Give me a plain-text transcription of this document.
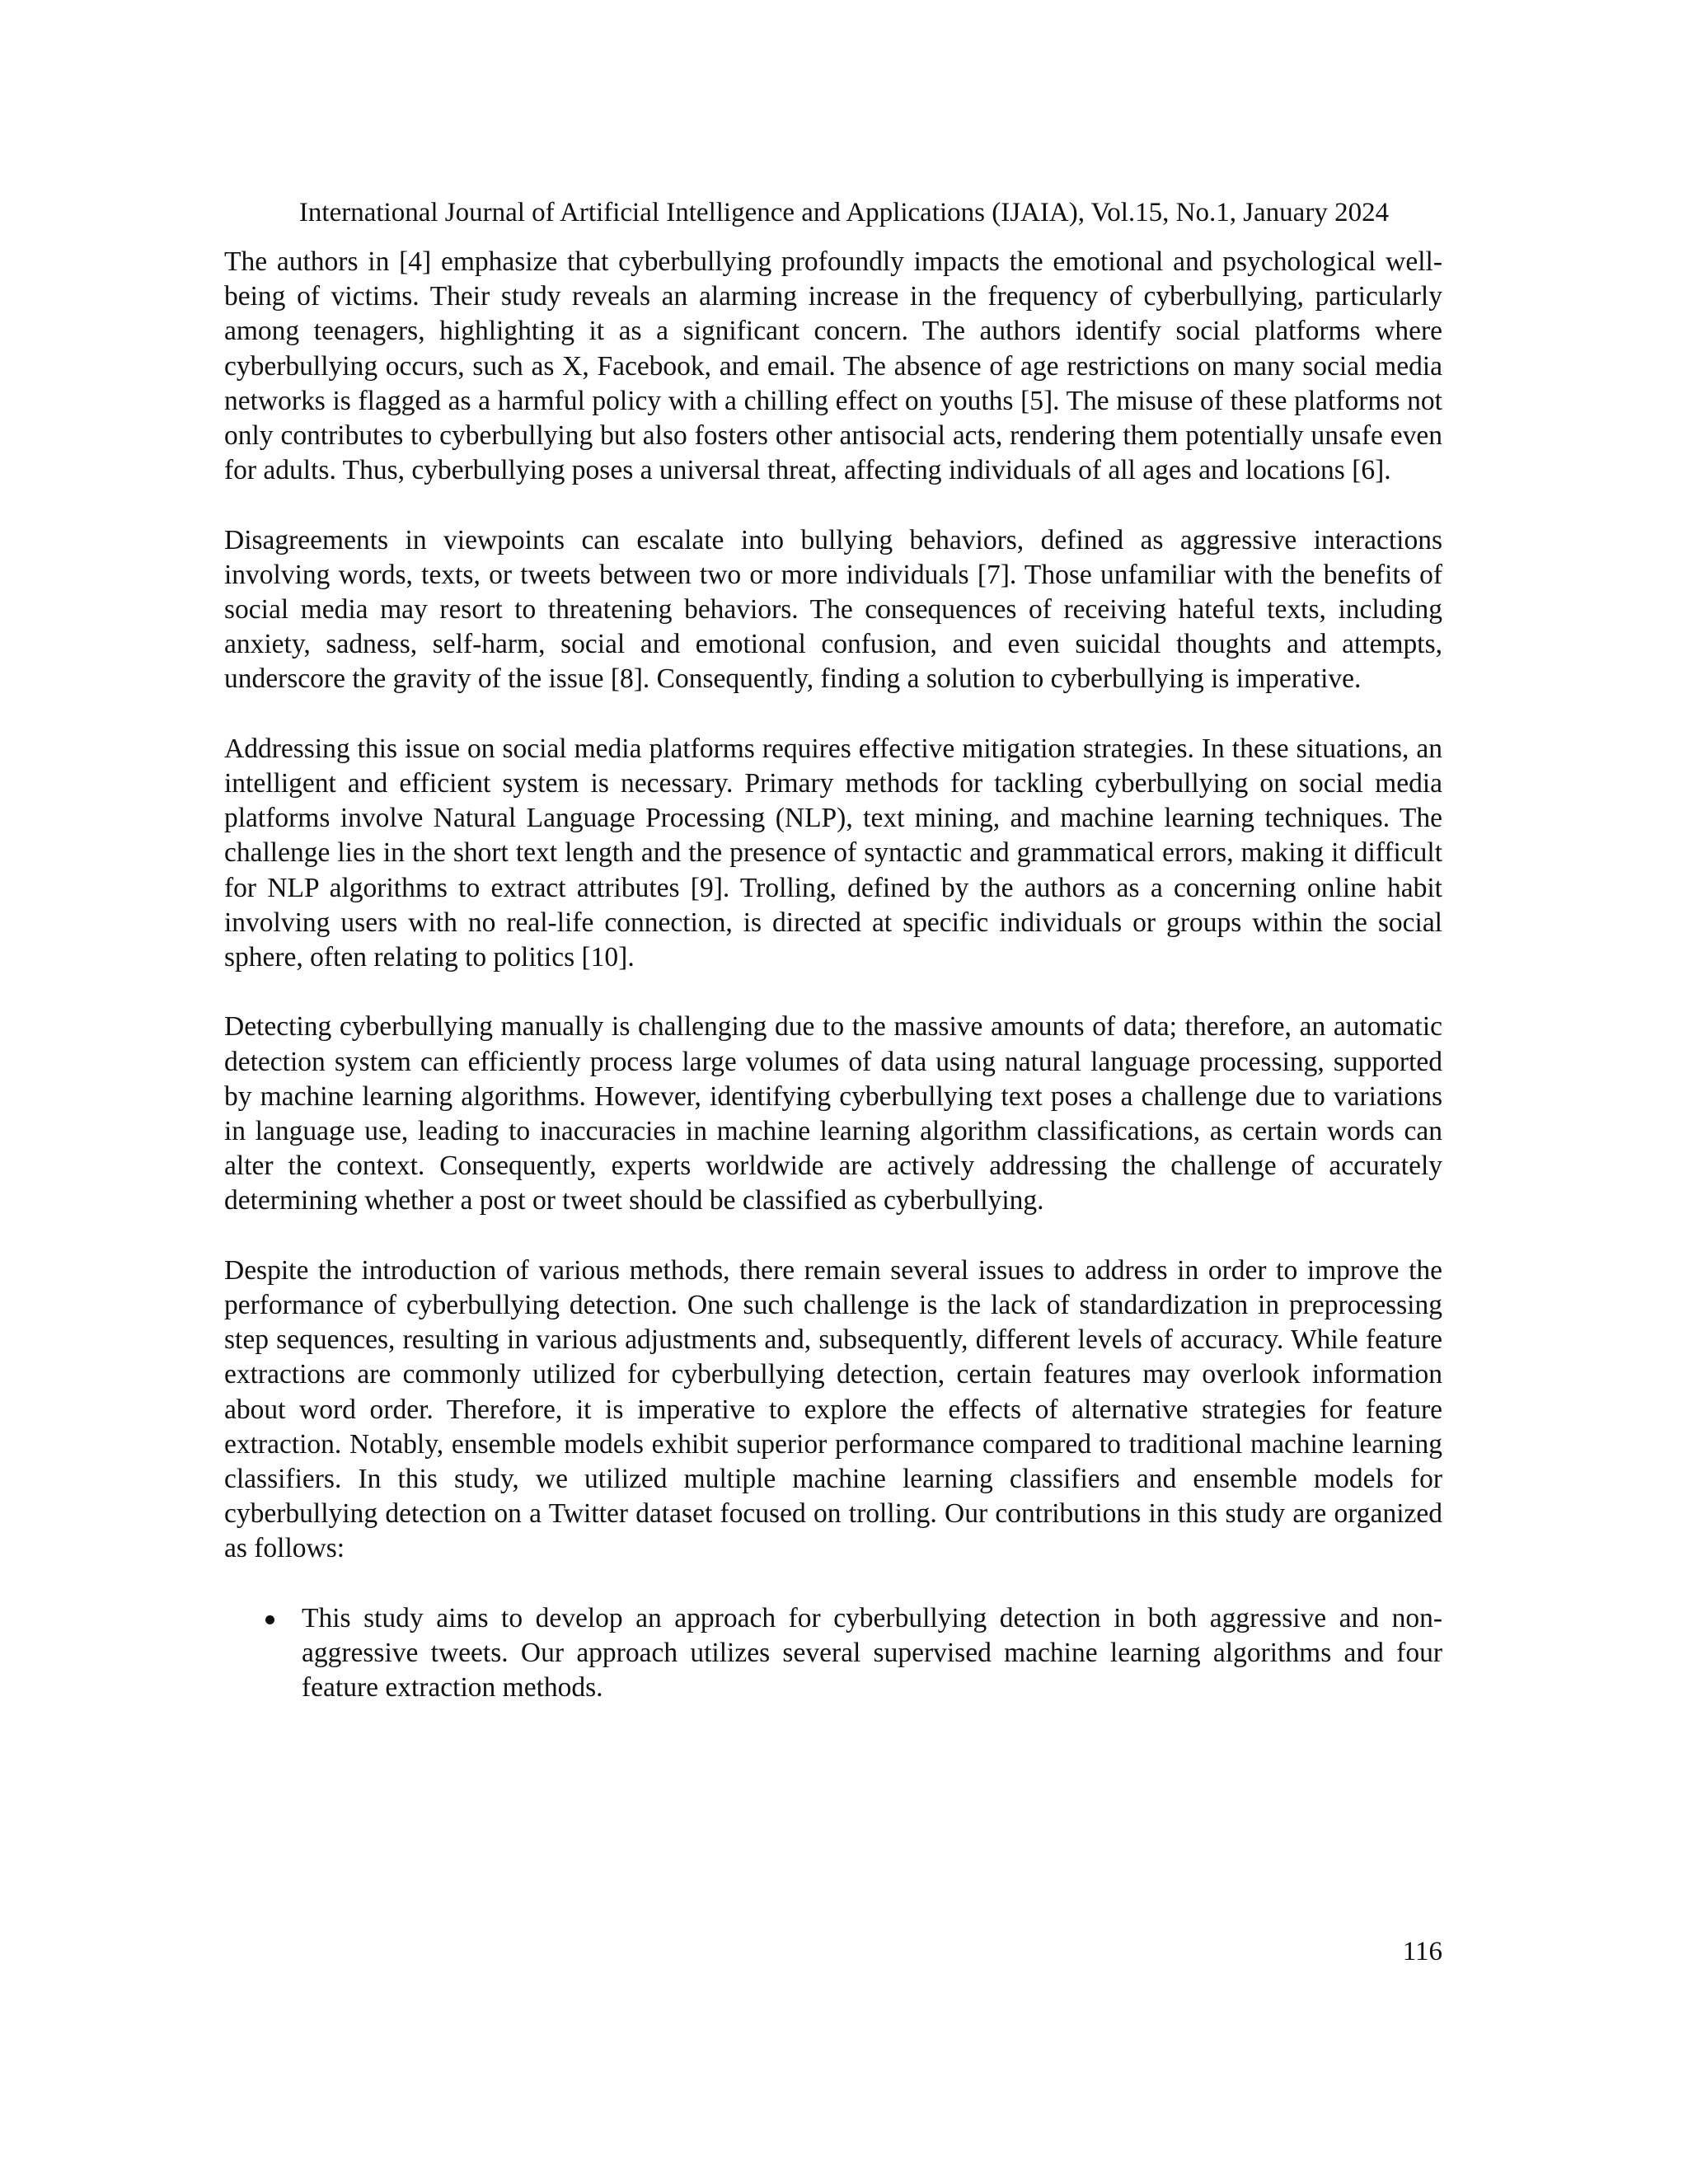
International Journal of Artificial Intelligence and Applications (IJAIA), Vol.15, No.1, January 2024

The authors in [4] emphasize that cyberbullying profoundly impacts the emotional and psychological well-being of victims. Their study reveals an alarming increase in the frequency of cyberbullying, particularly among teenagers, highlighting it as a significant concern. The authors identify social platforms where cyberbullying occurs, such as X, Facebook, and email. The absence of age restrictions on many social media networks is flagged as a harmful policy with a chilling effect on youths [5]. The misuse of these platforms not only contributes to cyberbullying but also fosters other antisocial acts, rendering them potentially unsafe even for adults. Thus, cyberbullying poses a universal threat, affecting individuals of all ages and locations [6].

Disagreements in viewpoints can escalate into bullying behaviors, defined as aggressive interactions involving words, texts, or tweets between two or more individuals [7]. Those unfamiliar with the benefits of social media may resort to threatening behaviors. The consequences of receiving hateful texts, including anxiety, sadness, self-harm, social and emotional confusion, and even suicidal thoughts and attempts, underscore the gravity of the issue [8]. Consequently, finding a solution to cyberbullying is imperative.

Addressing this issue on social media platforms requires effective mitigation strategies. In these situations, an intelligent and efficient system is necessary. Primary methods for tackling cyberbullying on social media platforms involve Natural Language Processing (NLP), text mining, and machine learning techniques. The challenge lies in the short text length and the presence of syntactic and grammatical errors, making it difficult for NLP algorithms to extract attributes [9]. Trolling, defined by the authors as a concerning online habit involving users with no real-life connection, is directed at specific individuals or groups within the social sphere, often relating to politics [10].

Detecting cyberbullying manually is challenging due to the massive amounts of data; therefore, an automatic detection system can efficiently process large volumes of data using natural language processing, supported by machine learning algorithms. However, identifying cyberbullying text poses a challenge due to variations in language use, leading to inaccuracies in machine learning algorithm classifications, as certain words can alter the context. Consequently, experts worldwide are actively addressing the challenge of accurately determining whether a post or tweet should be classified as cyberbullying.

Despite the introduction of various methods, there remain several issues to address in order to improve the performance of cyberbullying detection. One such challenge is the lack of standardization in preprocessing step sequences, resulting in various adjustments and, subsequently, different levels of accuracy. While feature extractions are commonly utilized for cyberbullying detection, certain features may overlook information about word order. Therefore, it is imperative to explore the effects of alternative strategies for feature extraction. Notably, ensemble models exhibit superior performance compared to traditional machine learning classifiers. In this study, we utilized multiple machine learning classifiers and ensemble models for cyberbullying detection on a Twitter dataset focused on trolling. Our contributions in this study are organized as follows:

This study aims to develop an approach for cyberbullying detection in both aggressive and non-aggressive tweets. Our approach utilizes several supervised machine learning algorithms and four feature extraction methods.
116
